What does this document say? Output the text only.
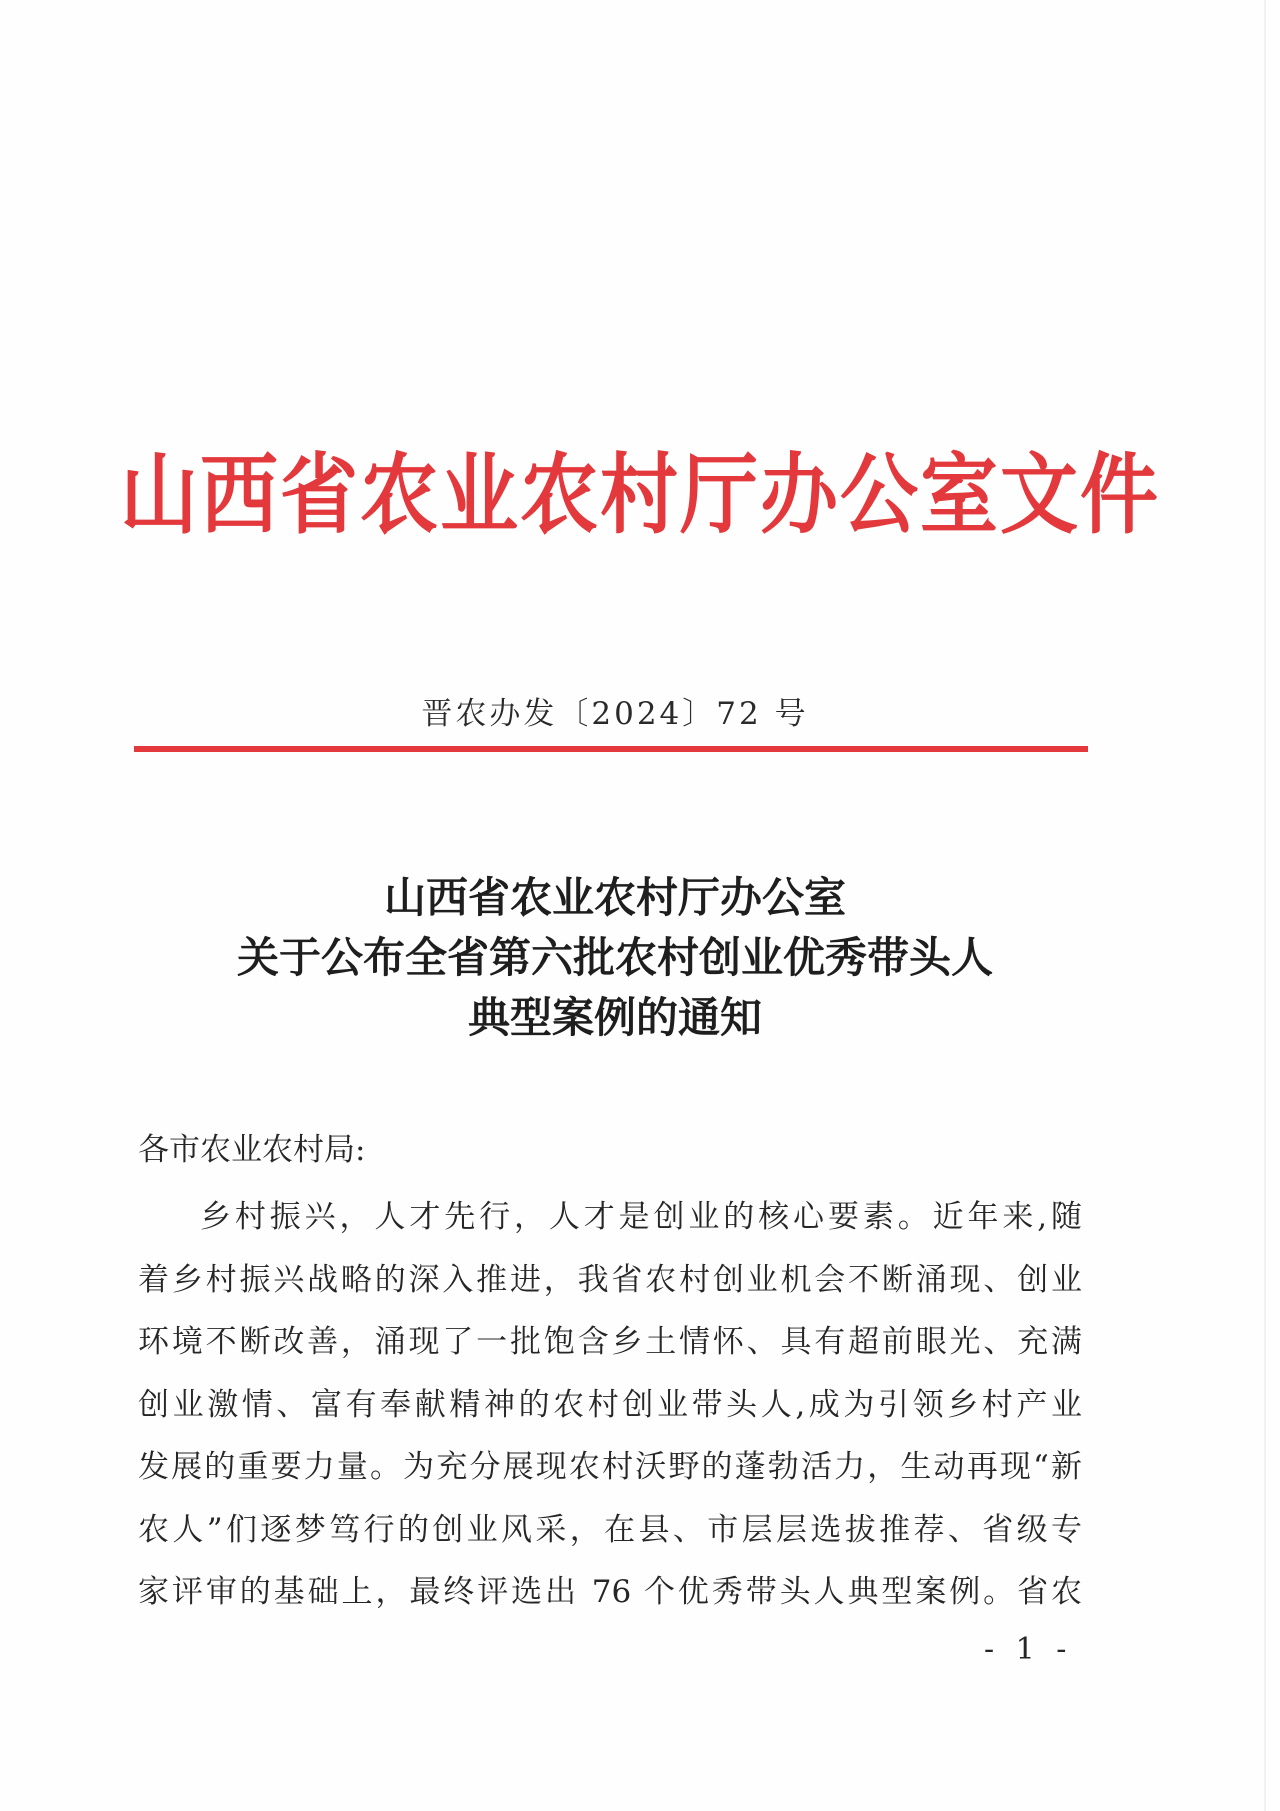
山西省农业农村厅办公室文件
晋农办发〔2024〕72 号
山西省农业农村厅办公室
关于公布全省第六批农村创业优秀带头人
典型案例的通知
各市农业农村局:
乡村振兴，人才先行，人才是创业的核心要素。近年来,随
着乡村振兴战略的深入推进，我省农村创业机会不断涌现、创业
环境不断改善，涌现了一批饱含乡土情怀、具有超前眼光、充满
创业激情、富有奉献精神的农村创业带头人,成为引领乡村产业
发展的重要力量。为充分展现农村沃野的蓬勃活力，生动再现“新
农人”们逐梦笃行的创业风采，在县、市层层选拔推荐、省级专
家评审的基础上，最终评选出 76 个优秀带头人典型案例。省农
- 1 -
